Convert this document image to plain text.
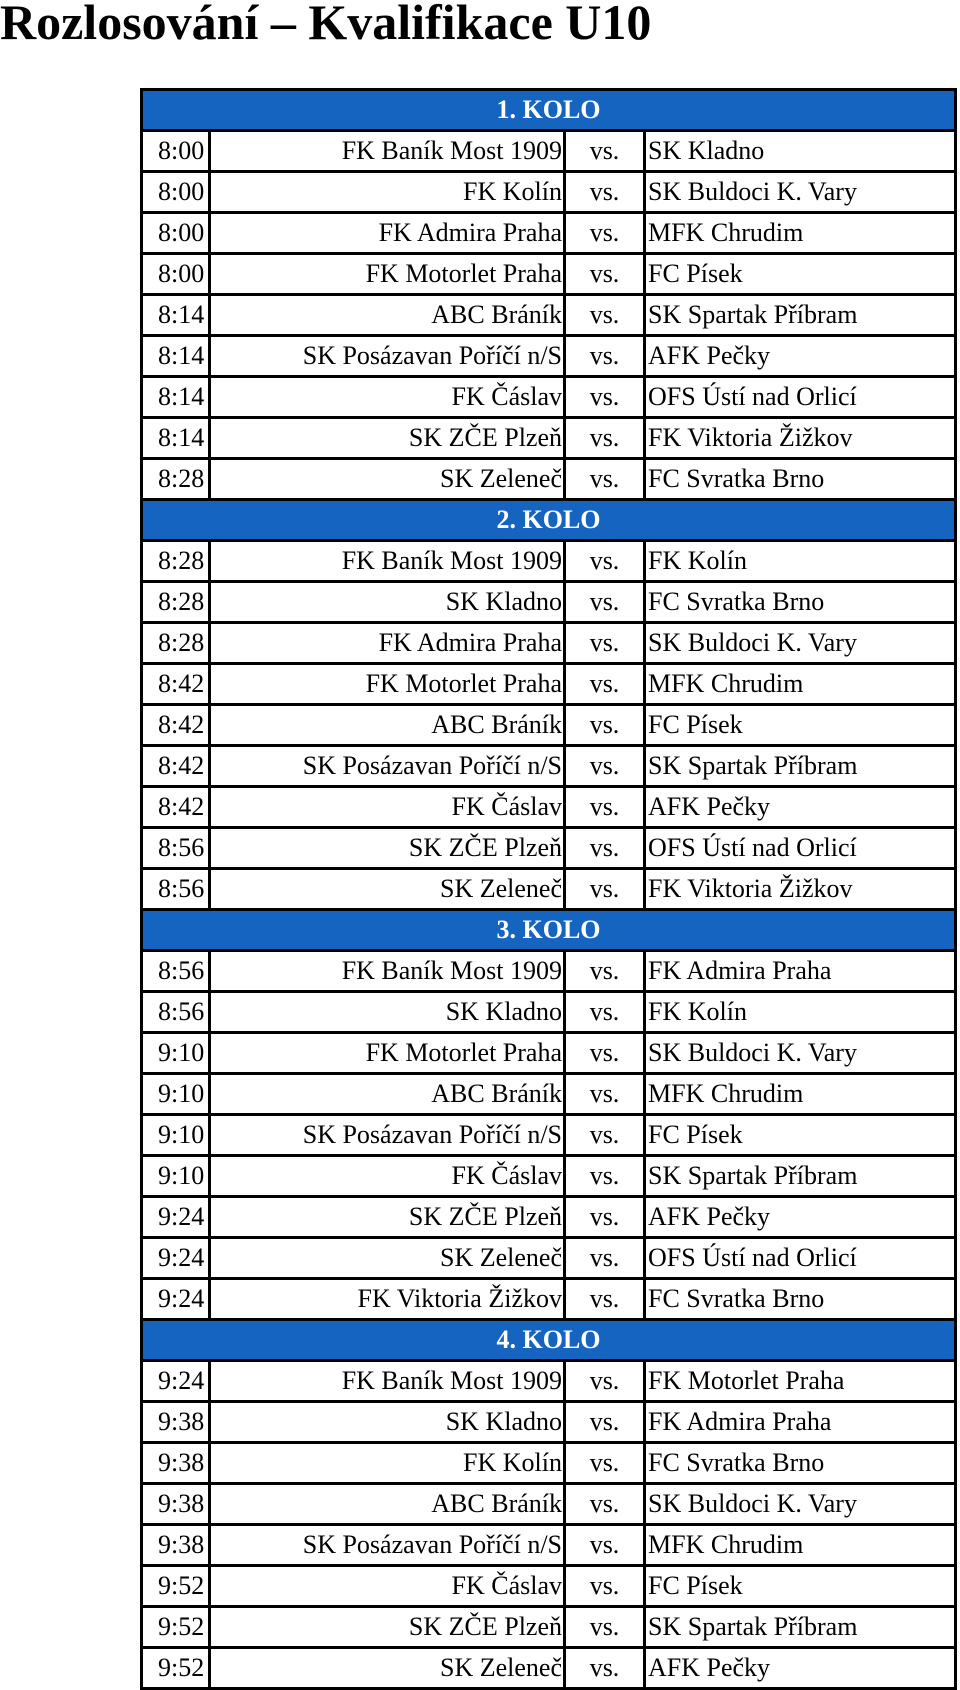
Rozlosování – Kvalifikace U10
1. KOLO			
8:00	FK Baník Most 1909	vs.	SK Kladno
8:00	FK Kolín	vs.	SK Buldoci K. Vary
8:00	FK Admira Praha	vs.	MFK Chrudim
8:00	FK Motorlet Praha	vs.	FC Písek
8:14	ABC Bráník	vs.	SK Spartak Příbram
8:14	SK Posázavan Poříčí n/S	vs.	AFK Pečky
8:14	FK Čáslav	vs.	OFS Ústí nad Orlicí
8:14	SK ZČE Plzeň	vs.	FK Viktoria Žižkov
8:28	SK Zeleneč	vs.	FC Svratka Brno
2. KOLO			
8:28	FK Baník Most 1909	vs.	FK Kolín
8:28	SK Kladno	vs.	FC Svratka Brno
8:28	FK Admira Praha	vs.	SK Buldoci K. Vary
8:42	FK Motorlet Praha	vs.	MFK Chrudim
8:42	ABC Bráník	vs.	FC Písek
8:42	SK Posázavan Poříčí n/S	vs.	SK Spartak Příbram
8:42	FK Čáslav	vs.	AFK Pečky
8:56	SK ZČE Plzeň	vs.	OFS Ústí nad Orlicí
8:56	SK Zeleneč	vs.	FK Viktoria Žižkov
3. KOLO			
8:56	FK Baník Most 1909	vs.	FK Admira Praha
8:56	SK Kladno	vs.	FK Kolín
9:10	FK Motorlet Praha	vs.	SK Buldoci K. Vary
9:10	ABC Bráník	vs.	MFK Chrudim
9:10	SK Posázavan Poříčí n/S	vs.	FC Písek
9:10	FK Čáslav	vs.	SK Spartak Příbram
9:24	SK ZČE Plzeň	vs.	AFK Pečky
9:24	SK Zeleneč	vs.	OFS Ústí nad Orlicí
9:24	FK Viktoria Žižkov	vs.	FC Svratka Brno
4. KOLO			
9:24	FK Baník Most 1909	vs.	FK Motorlet Praha
9:38	SK Kladno	vs.	FK Admira Praha
9:38	FK Kolín	vs.	FC Svratka Brno
9:38	ABC Bráník	vs.	SK Buldoci K. Vary
9:38	SK Posázavan Poříčí n/S	vs.	MFK Chrudim
9:52	FK Čáslav	vs.	FC Písek
9:52	SK ZČE Plzeň	vs.	SK Spartak Příbram
9:52	SK Zeleneč	vs.	AFK Pečky
